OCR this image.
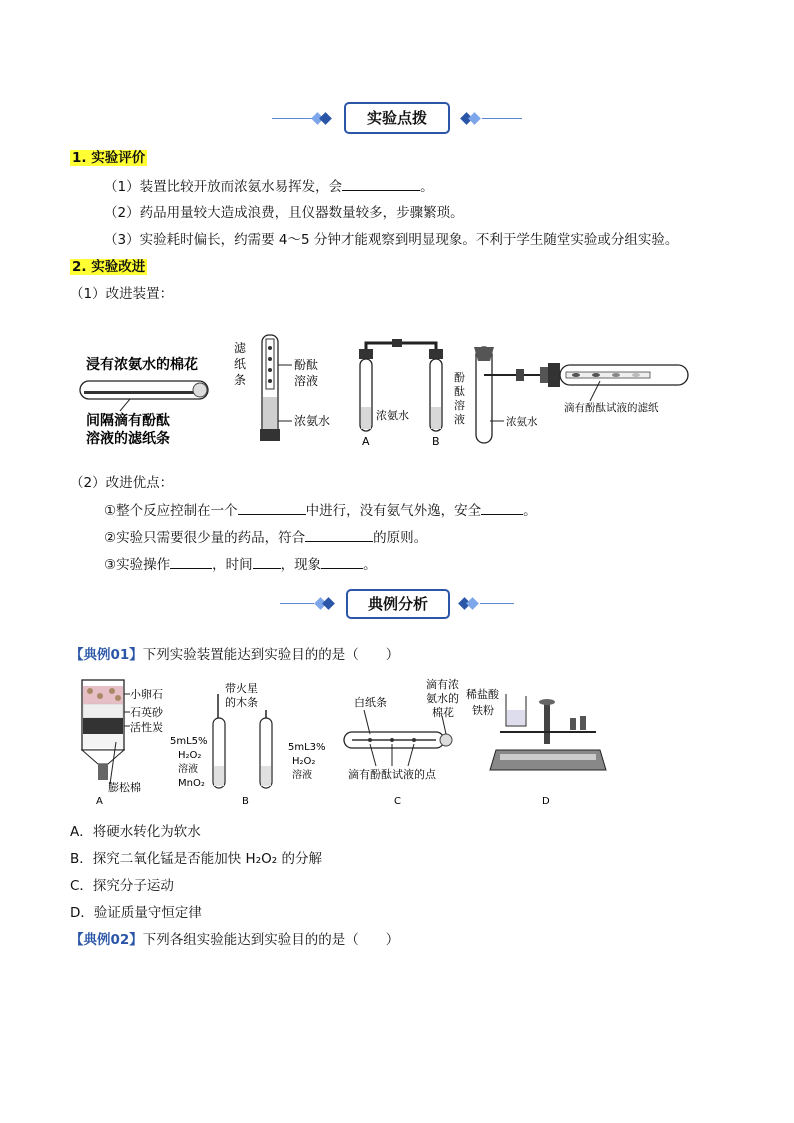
实验点拨
1. 实验评价
（1）装置比较开放而浓氨水易挥发，会	。
（2）药品用量较大造成浪费，且仪器数量较多，步骤繁琐。
（3）实验耗时偏长，约需要 4～5 分钟才能观察到明显现象。不利于学生随堂实验或分组实验。
2. 实验改进
（1）改进装置：
浸有浓氨水的棉花
间隔滴有酚酞
溶液的滤纸条
滤
纸
条
酚酞
溶液
浓氨水	浓氨水
A	B
酚
酞
溶
液
滴有酚酞试液的滤纸
浓氨水
（2）改进优点：
①整个反应控制在一个	中进行，没有氨气外逸，安全	。
②实验只需要很少量的药品，符合	的原则。
③实验操作	，时间 ，现象	。
典例分析
【典例01】下列实验装置能达到实验目的的是（　　）
小卵石
石英砂
活性炭
膨松棉
A
带火星
的木条
5mL5%
H₂O₂
溶液
MnO₂
5mL3%
H₂O₂
溶液
B
白纸条
滴有浓
氨水的
棉花
滴有酚酞试液的点
C
稀盐酸
铁粉
D
A．将硬水转化为软水
B．探究二氧化锰是否能加快 H₂O₂ 的分解
C．探究分子运动
D．验证质量守恒定律
【典例02】下列各组实验能达到实验目的的是（　　）
